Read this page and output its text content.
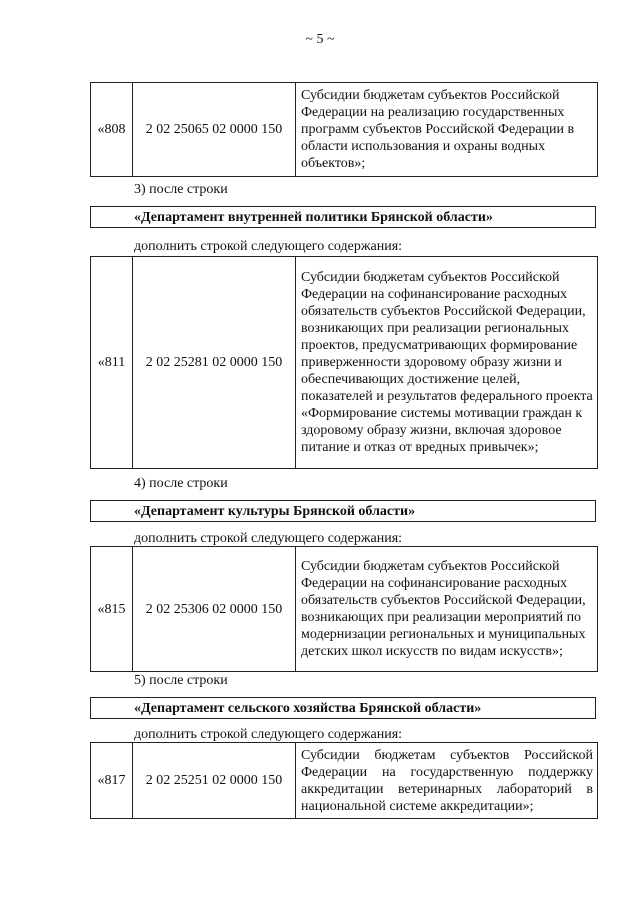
~ 5 ~
«808	2 02 25065 02 0000 150	Субсидии бюджетам субъектов Российской Федерации на реализацию государственных программ субъектов Российской Федерации в области использования и охраны водных объектов»;
3) после строки
«Департамент внутренней политики Брянской области»
дополнить строкой следующего содержания:
«811	2 02 25281 02 0000 150	Субсидии бюджетам субъектов Российской Федерации на софинансирование расходных обязательств субъектов Российской Федерации, возникающих при реализации региональных проектов, предусматривающих формирование приверженности здоровому образу жизни и обеспечивающих достижение целей, показателей и результатов федерального проекта «Формирование системы мотивации граждан к здоровому образу жизни, включая здоровое питание и отказ от вредных привычек»;
4) после строки
«Департамент культуры Брянской области»
дополнить строкой следующего содержания:
«815	2 02 25306 02 0000 150	Субсидии бюджетам субъектов Российской Федерации на софинансирование расходных обязательств субъектов Российской Федерации, возникающих при реализации мероприятий по модернизации региональных и муниципальных детских школ искусств по видам искусств»;
5) после строки
«Департамент сельского хозяйства Брянской области»
дополнить строкой следующего содержания:
«817	2 02 25251 02 0000 150	Субсидии бюджетам субъектов Российской Федерации на государственную поддержку аккредитации ветеринарных лабораторий в национальной системе аккредитации»;
